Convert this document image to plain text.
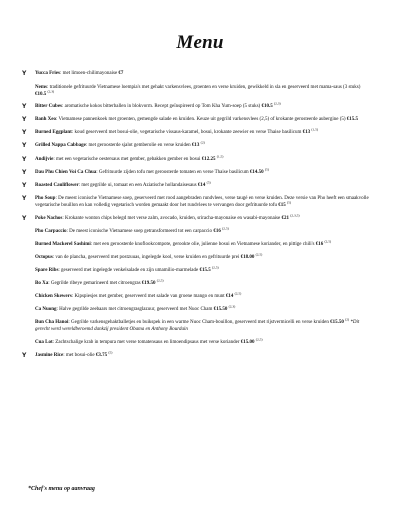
Menu
Y	Yucca Fries: met limoen-chilimayonaise €7
Nems: traditionele gefrituurde Vietnamese loempia's met gehakt varkensvlees, groenten en verse kruiden, gewikkeld in sla en geserveerd met mama-saus (3 stuks) €10.5 $^{(2,3)}$
Y	Bitter Cubes: aromatische kokos bitterballen in blokvorm. Recept geïnspireerd op Tom Kha Yum-soep (5 stuks) €10.5 $^{(2,3)}$
Y	Banh Xeo: Vietnamese pannenkoek met groenten, gemengde salade en kruiden. Keuze uit gegrild varkensvlees (2,5) of krokante gerosteerde aubergine (5) €15.5
Y	Burned Eggplant: koud geserveerd met bosui-olie, vegetarische vissaus-karamel, bosui, krokante zeewier en verse Thaise basilicum €13 $^{(1,5)}$
Y	Grilled Nappa Cabbage: met geroosterde sjalot gemberolie en verse kruiden €13 $^{(2)}$
Y	Andijvie: met een vegetarische oestersaus met gember, gebakken gember en bosui €12.25 $^{(1,5)}$
Y	Dau Phu Chien Voi Ca Chua: Gefrituurde zijden tofu met geroosterde tomaten en verse Thaise basilicum €14.50 $^{(5)}$
Y	Roasted Cauliflower: met gegrilde ui, tomaat en een Aziatische hollandaisesaus €14 $^{(5)}$
Y	Pho Soup: De meest iconische Vietnamese soep, geserveerd met rood aangebraden rundvlees, verse taugé en verse kruiden. Deze versie van Pho heeft een smaakvolle vegetarische bouillon en kan volledig vegetarisch worden gemaakt door het rundvlees te vervangen door gefrituurde tofu €15 $^{(5)}$
Y	Poke Nachos: Krokante wonton chips belegd met verse zalm, avocado, kruiden, sriracha-mayonaise en wasabi-mayonaise €21 $^{(2,3,5)}$
Pho Carpaccio: De meest iconische Vietnamese soep getransformeerd tot een carpaccio €16 $^{(2,5)}$
Burned Mackerel Sashimi: met een geroosterde knoflookcompote, gerookte olie, julienne bosui en Vietnamese koriander, en pittige chili's €16 $^{(2,5)}$
Octopus: van de plancha, geserveerd met postzuuas, ingelegde kool, verse kruiden en gefrituurde prei €18.00 $^{(2,5)}$
Spare Ribs: geserveerd met ingelegde venkelsalade en zijn umamilio-marmelade €15.5 $^{(2,5)}$
Bo Xa: Gegrilde ribeye gemarineerd met citroengras €19.50 $^{(2,5)}$
Chicken Skewers: Kipspiesjes met gember, geserveerd met salade van groene mango en munt €14 $^{(2,5)}$
Ca Nuong: Halve gegrilde zeebaars met citroengrasglazuur, geserveerd met Nuoc Cham €15.50 $^{(2,3)}$
Bun Cha Hanoi: Gegrilde varkensgehaktballetjes en buikspek in een warme Nuoc Cham-bouillon, geserveerd met rijstvermicelli en verse kruiden €15.50 $^{(2)}$ *Dit gerecht werd wereldberoemd dankzij president Obama en Anthony Bourdain
Cua Lot: Zachtschalige krab in tempura met verse tomatensaus en limoendipsaus met verse koriander €15.00 $^{(2,5)}$
Y	Jasmine Rice: met bosui-olie €3.75 $^{(5)}$
*Chef's menu op aanvraag
